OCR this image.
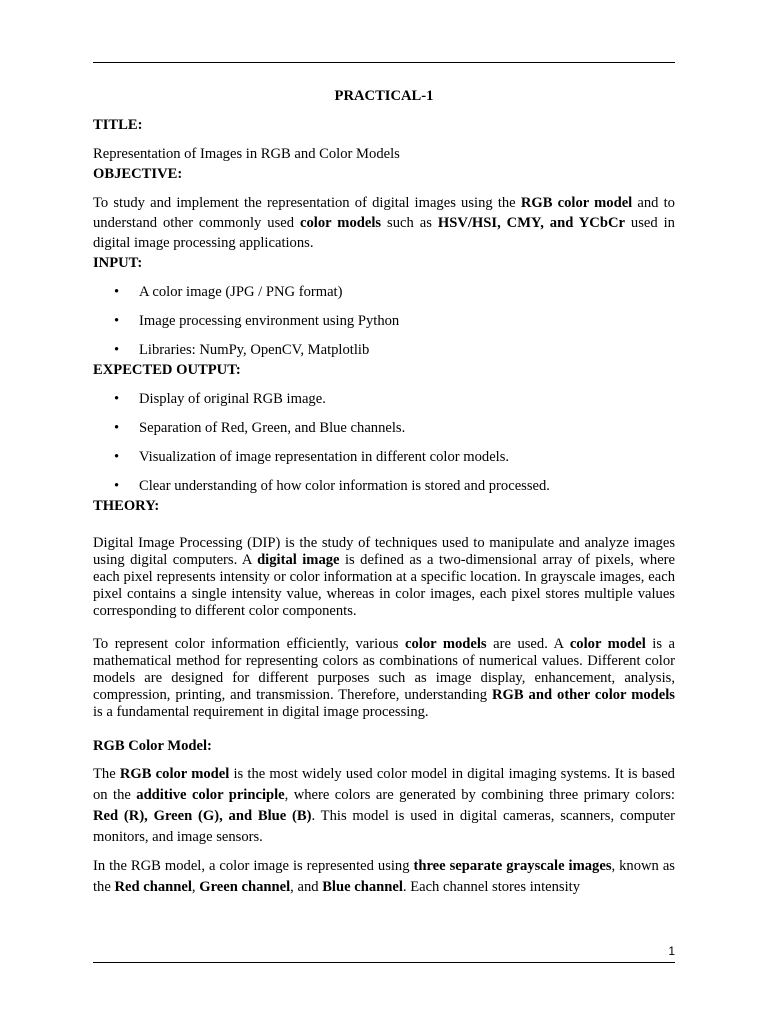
PRACTICAL-1

TITLE:

Representation of Images in RGB and Color Models

OBJECTIVE:

To study and implement the representation of digital images using the RGB color model and to understand other commonly used color models such as HSV/HSI, CMY, and YCbCr used in digital image processing applications.

INPUT:
• A color image (JPG / PNG format)
• Image processing environment using Python
• Libraries: NumPy, OpenCV, Matplotlib
EXPECTED OUTPUT:
• Display of original RGB image.
• Separation of Red, Green, and Blue channels.
• Visualization of image representation in different color models.
• Clear understanding of how color information is stored and processed.
THEORY:

Digital Image Processing (DIP) is the study of techniques used to manipulate and analyze images using digital computers. A digital image is defined as a two-dimensional array of pixels, where each pixel represents intensity or color information at a specific location. In grayscale images, each pixel contains a single intensity value, whereas in color images, each pixel stores multiple values corresponding to different color components.

To represent color information efficiently, various color models are used. A color model is a mathematical method for representing colors as combinations of numerical values. Different color models are designed for different purposes such as image display, enhancement, analysis, compression, printing, and transmission. Therefore, understanding RGB and other color models is a fundamental requirement in digital image processing.

RGB Color Model:

The RGB color model is the most widely used color model in digital imaging systems. It is based on the additive color principle, where colors are generated by combining three primary colors: Red (R), Green (G), and Blue (B). This model is used in digital cameras, scanners, computer monitors, and image sensors.

In the RGB model, a color image is represented using three separate grayscale images, known as the Red channel, Green channel, and Blue channel. Each channel stores intensity

1
